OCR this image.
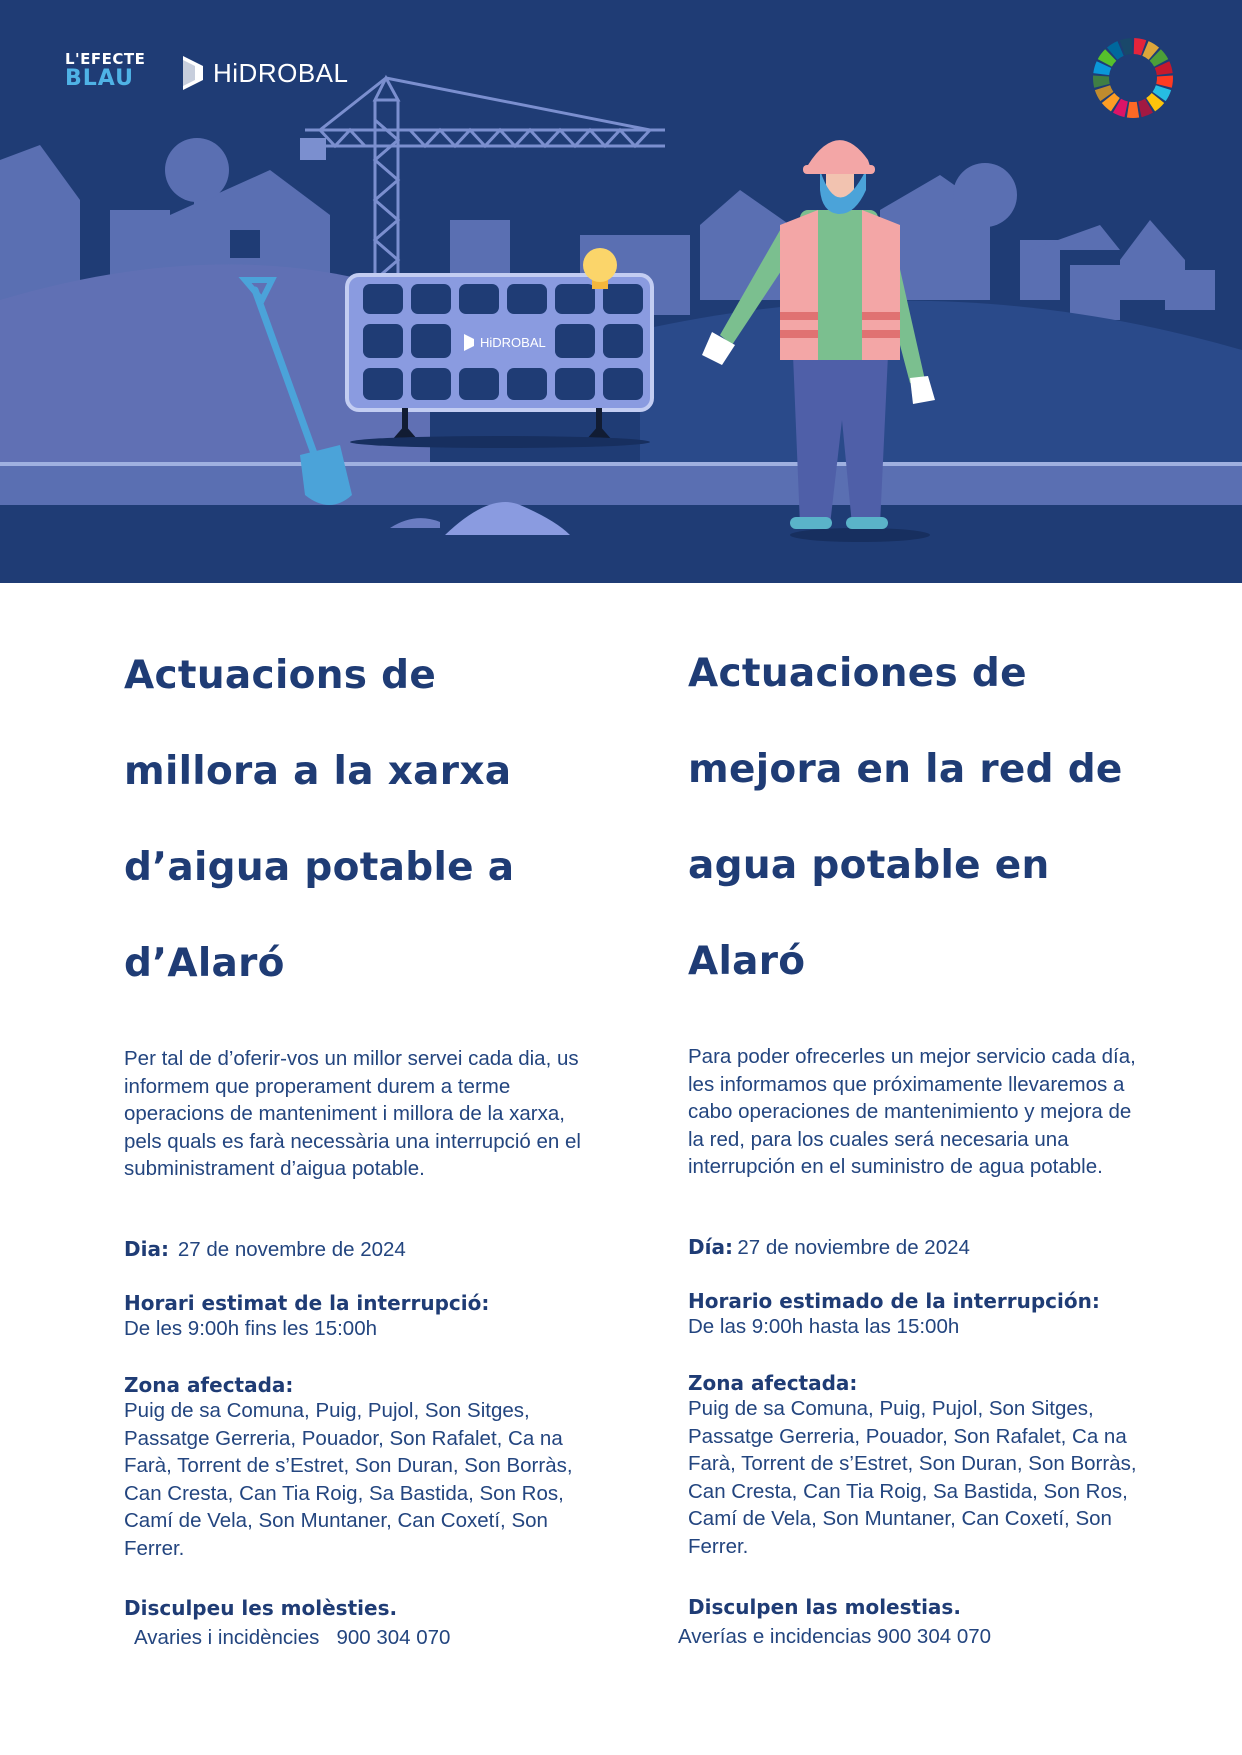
L'EFECTE
BLAU	HiDROBAL
HiDROBAL
Actuacions de
millora a la xarxa
d’aigua potable a
d’Alaró

Per tal de d’oferir-vos un millor servei cada dia, us informem que properament durem a terme operacions de manteniment i millora de la xarxa, pels quals es farà necessària una interrupció en el subministrament d’aigua potable.

Dia: 27 de novembre de 2024
Horari estimat de la interrupció:
De les 9:00h fins les 15:00h
Zona afectada:
Puig de sa Comuna, Puig, Pujol, Son Sitges, Passatge Gerreria, Pouador, Son Rafalet, Ca na Farà, Torrent de s’Estret, Son Duran, Son Borràs, Can Cresta, Can Tia Roig, Sa Bastida, Son Ros, Camí de Vela, Son Muntaner, Can Coxetí, Son Ferrer.
Disculpeu les molèsties.
Avaries i incidències   900 304 070
Actuaciones de
mejora en la red de
agua potable en
Alaró

Para poder ofrecerles un mejor servicio cada día, les informamos que próximamente llevaremos a cabo operaciones de mantenimiento y mejora de la red, para los cuales será necesaria una interrupción en el suministro de agua potable.

Día: 27 de noviembre de 2024
Horario estimado de la interrupción:
De las 9:00h hasta las 15:00h
Zona afectada:
Puig de sa Comuna, Puig, Pujol, Son Sitges, Passatge Gerreria, Pouador, Son Rafalet, Ca na Farà, Torrent de s’Estret, Son Duran, Son Borràs, Can Cresta, Can Tia Roig, Sa Bastida, Son Ros, Camí de Vela, Son Muntaner, Can Coxetí, Son Ferrer.
Disculpen las molestias.
Averías e incidencias 900 304 070
